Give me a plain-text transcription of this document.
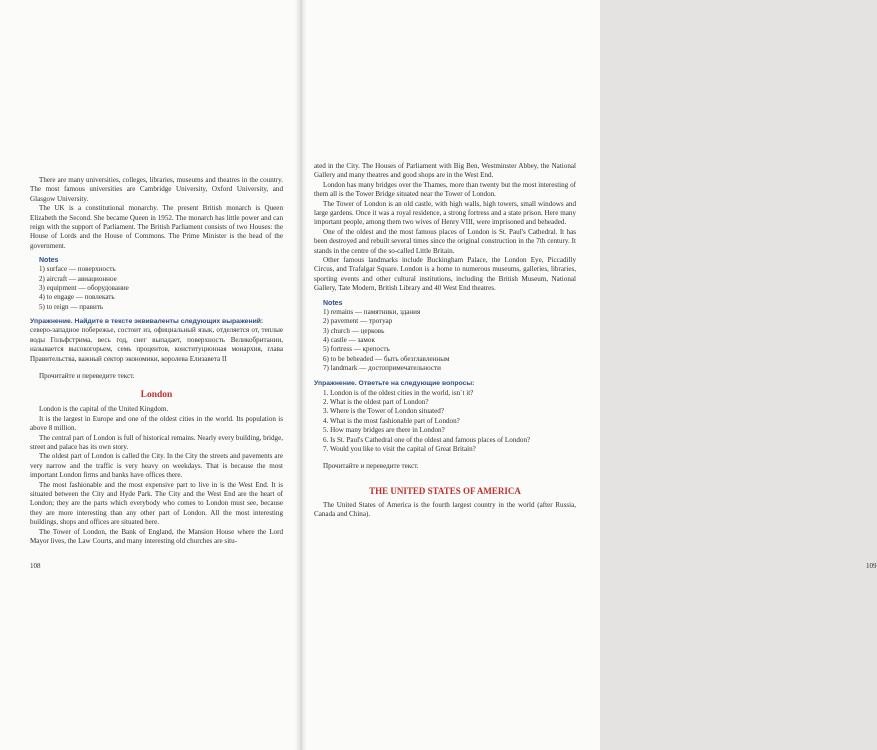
There are many universities, colleges, libraries, museums and theatres in the country. The most famous universities are Cambridge University, Oxford University, and Glasgow University.

The UK is a constitutional monarchy. The present British monarch is Queen Elizabeth the Second. She became Queen in 1952. The monarch has little power and can reign with the support of Parliament. The British Parliament consists of two Houses: the House of Lords and the House of Commons. The Prime Minister is the head of the government.

Notes
1) surface — поверхность
2) aircraft — авиационное
3) equipment — оборудование
4) to engage — повлекать
5) to reign — править
Упражнение. Найдите в тексте эквиваленты следующих выражений:

северо-западное побережье, состоит из, официальный язык, отделяется от, теплые воды Гольфстрима, весь год, снег выпадает, поверхность Великобритании, называется высокогорьем, семь процентов, конституционная монархия, глава Правительства, важный сектор экономики, королева Елизавета II

Прочитайте и переведите текст.

London

London is the capital of the United Kingdom.

It is the largest in Europe and one of the oldest cities in the world. Its population is above 8 million.

The central part of London is full of historical remains. Nearly every building, bridge, street and palace has its own story.

The oldest part of London is called the City. In the City the streets and pavements are very narrow and the traffic is very heavy on weekdays. That is because the most important London firms and banks have offices there.

The most fashionable and the most expensive part to live in is the West End. It is situated between the City and Hyde Park. The City and the West End are the heart of London; they are the parts which everybody who comes to London must see, because they are more interesting than any other part of London. All the most interesting buildings, shops and offices are situated here.

The Tower of London, the Bank of England, the Mansion House where the Lord Mayor lives, the Law Courts, and many interesting old churches are situ-

108	109

ated in the City. The Houses of Parliament with Big Ben, Westminster Abbey, the National Gallery and many theatres and good shops are in the West End.

London has many bridges over the Thames, more than twenty but the most interesting of them all is the Tower Bridge situated near the Tower of London.

The Tower of London is an old castle, with high walls, high towers, small windows and large gardens. Once it was a royal residence, a strong fortress and a state prison. Here many important people, among them two wives of Henry VIII, were imprisoned and beheaded.

One of the oldest and the most famous places of London is St. Paul's Cathedral. It has been destroyed and rebuilt several times since the original construction in the 7th century. It stands in the centre of the so-called Little Britain.

Other famous landmarks include Buckingham Palace, the London Eye, Piccadilly Circus, and Trafalgar Square. London is a home to numerous museums, galleries, libraries, sporting events and other cultural institutions, including the British Museum, National Gallery, Tate Modern, British Library and 40 West End theatres.

Notes
1) remains — памятники, здания
2) pavement — тротуар
3) church — церковь
4) castle — замок
5) fortress — крепость
6) to be beheaded — быть обезглавленным
7) landmark — достопримечательности
Упражнение. Ответьте на следующие вопросы:
1. London is of the oldest cities in the world, isn`t it?
2. What is the oldest part of London?
3. Where is the Tower of London situated?
4. What is the most fashionable part of London?
5. How many bridges are there in London?
6. Is St. Paul's Cathedral one of the oldest and famous places of London?
7. Would you like to visit the capital of Great Britain?

Прочитайте и переведите текст.

THE UNITED STATES OF AMERICA

The United States of America is the fourth largest country in the world (after Russia, Canada and China).
